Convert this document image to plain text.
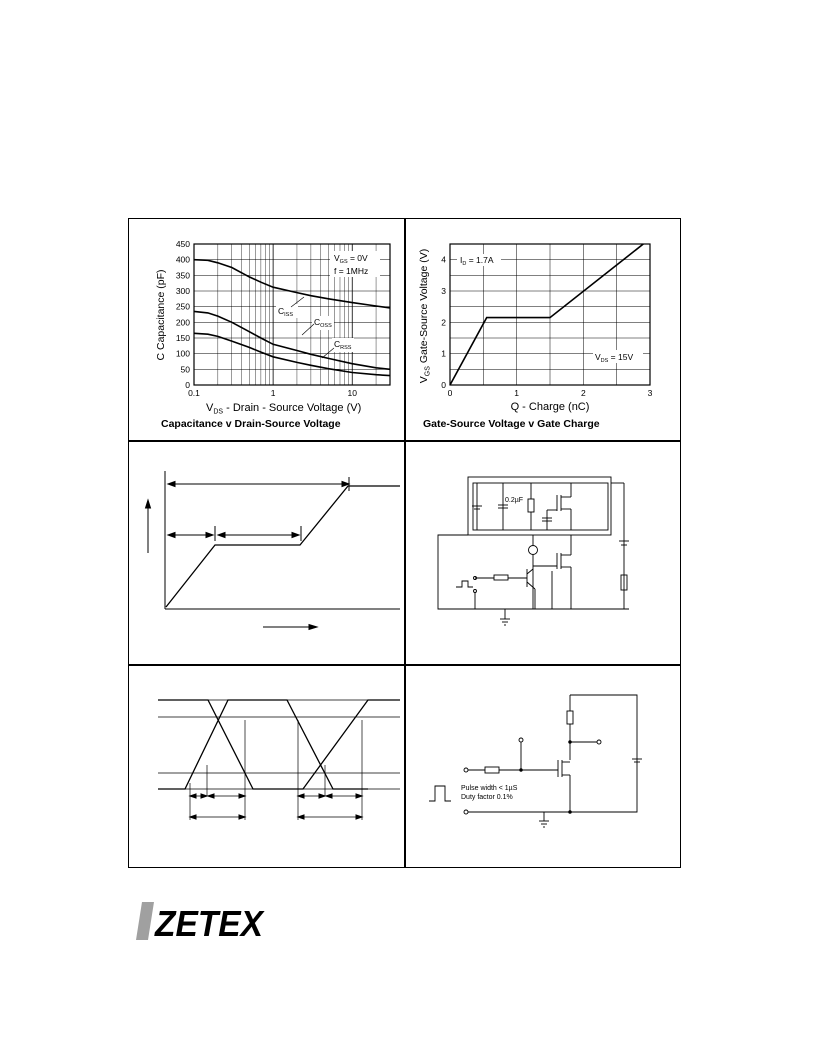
0
50
100
150
200
250
300
350
400
450
0.1	1	10
$V_{GS} = 0V$
f = 1MHz
$C_{ISS}$
$C_{OSS}$
$C_{RSS}$
C Capacitance (pF)
$V_{DS}$ - Drain - Source Voltage (V)
Capacitance v Drain-Source Voltage
0
1
2
3
4
0	1	2	3
$I_D = 1.7A$
$V_{DS} = 15V$
$V_{GS}$ Gate-Source Voltage (V)
Q - Charge (nC)
Gate-Source Voltage v Gate Charge
0.2µF
Pulse width < 1µS
Duty factor 0.1%
ZETEX
